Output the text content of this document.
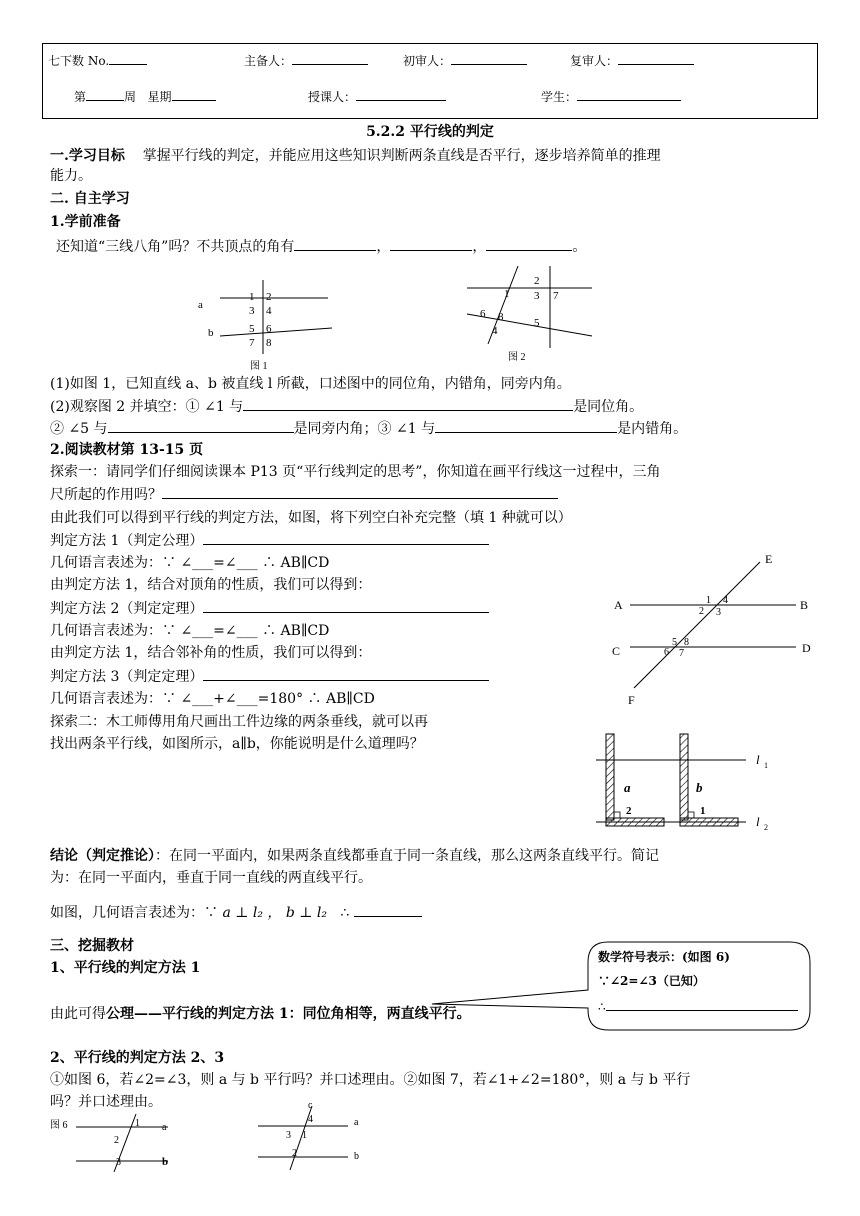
七下数 No.	主备人：	初审人：	复审人：
第	周 星期	授课人：	学生：
5.2.2 平行线的判定
一.学习目标 掌握平行线的判定，并能应用这些知识判断两条直线是否平行，逐步培养简单的推理
能力。
二. 自主学习
1.学前准备
还知道“三线八角”吗？不共顶点的角有	，	，	。
a
b
1 2
3 4
5 6
7 8
图 1
2
1 3 7
6 8	5
4
图 2
(1)如图 1，已知直线 a、b 被直线 l 所截，口述图中的同位角，内错角，同旁内角。
(2)观察图 2 并填空：① ∠1 与	是同位角。
② ∠5 与	是同旁内角；③ ∠1 与	是内错角。
2.阅读教材第 13-15 页
探索一：请同学们仔细阅读课本 P13 页“平行线判定的思考”，你知道在画平行线这一过程中，三角
尺所起的作用吗？
由此我们可以得到平行线的判定方法，如图，将下列空白补充完整（填 1 种就可以）
判定方法 1（判定公理）
几何语言表述为：∵ ∠___=∠___ ∴ AB∥CD
由判定方法 1，结合对顶角的性质，我们可以得到：
判定方法 2（判定定理）
几何语言表述为：∵ ∠___=∠___ ∴ AB∥CD
由判定方法 1，结合邻补角的性质，我们可以得到：
判定方法 3（判定定理）
几何语言表述为：∵ ∠___+∠___=180° ∴ AB∥CD
探索二：木工师傅用角尺画出工件边缘的两条垂线，就可以再
找出两条平行线，如图所示，a∥b，你能说明是什么道理吗？
E
A	B
C	D
F
1 4
2 3
5 8
6 7
a	b
2	1
l 1
l 2
结论（判定推论）：在同一平面内，如果两条直线都垂直于同一条直线，那么这两条直线平行。简记
为：在同一平面内，垂直于同一直线的两直线平行。
如图，几何语言表述为：∵ a ⊥ l₂ ， b ⊥ l₂ ∴
三、挖掘教材
1、平行线的判定方法 1
数学符号表示：(如图 6)
∵∠2=∠3（已知）
∴
由此可得公理——平行线的判定方法 1：同位角相等，两直线平行。
2、平行线的判定方法 2、3
①如图 6，若∠2=∠3，则 a 与 b 平行吗？并口述理由。②如图 7，若∠1+∠2=180°，则 a 与 b 平行
吗？并口述理由。
图 6	1 a
2
3	b
c
4	a
3 1
2	b
